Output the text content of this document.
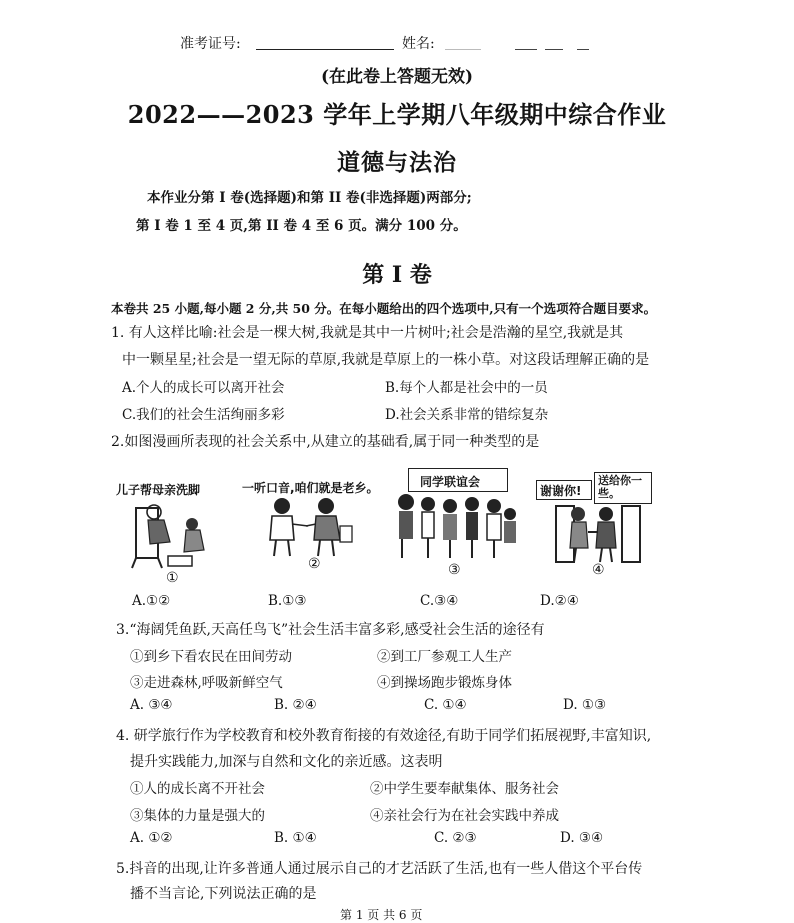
准考证号:	姓名:
(在此卷上答题无效)
2022——2023 学年上学期八年级期中综合作业
道德与法治
本作业分第 I 卷(选择题)和第 II 卷(非选择题)两部分;
第 I 卷 1 至 4 页,第 II 卷 4 至 6 页。满分 100 分。
第 I 卷
本卷共 25 小题,每小题 2 分,共 50 分。在每小题给出的四个选项中,只有一个选项符合题目要求。
1. 有人这样比喻:社会是一棵大树,我就是其中一片树叶;社会是浩瀚的星空,我就是其
中一颗星星;社会是一望无际的草原,我就是草原上的一株小草。对这段话理解正确的是
A.个人的成长可以离开社会	B.每个人都是社会中的一员
C.我们的社会生活绚丽多彩	D.社会关系非常的错综复杂
2.如图漫画所表现的社会关系中,从建立的基础看,属于同一种类型的是
儿子帮母亲洗脚
①
一听口音,咱们就是老乡。
②
同学联谊会
③
谢谢你!
送给你一些。
④
A.①②	B.①③	C.③④	D.②④
3.“海阔凭鱼跃,天高任鸟飞”社会生活丰富多彩,感受社会生活的途径有
①到乡下看农民在田间劳动	②到工厂参观工人生产
③走进森林,呼吸新鲜空气	④到操场跑步锻炼身体
A. ③④	B. ②④	C. ①④	D. ①③
4. 研学旅行作为学校教育和校外教育衔接的有效途径,有助于同学们拓展视野,丰富知识,
提升实践能力,加深与自然和文化的亲近感。这表明
①人的成长离不开社会	②中学生要奉献集体、服务社会
③集体的力量是强大的	④亲社会行为在社会实践中养成
A. ①②	B. ①④	C. ②③	D. ③④
5.抖音的出现,让许多普通人通过展示自己的才艺活跃了生活,也有一些人借这个平台传
播不当言论,下列说法正确的是
第 1 页 共 6 页
